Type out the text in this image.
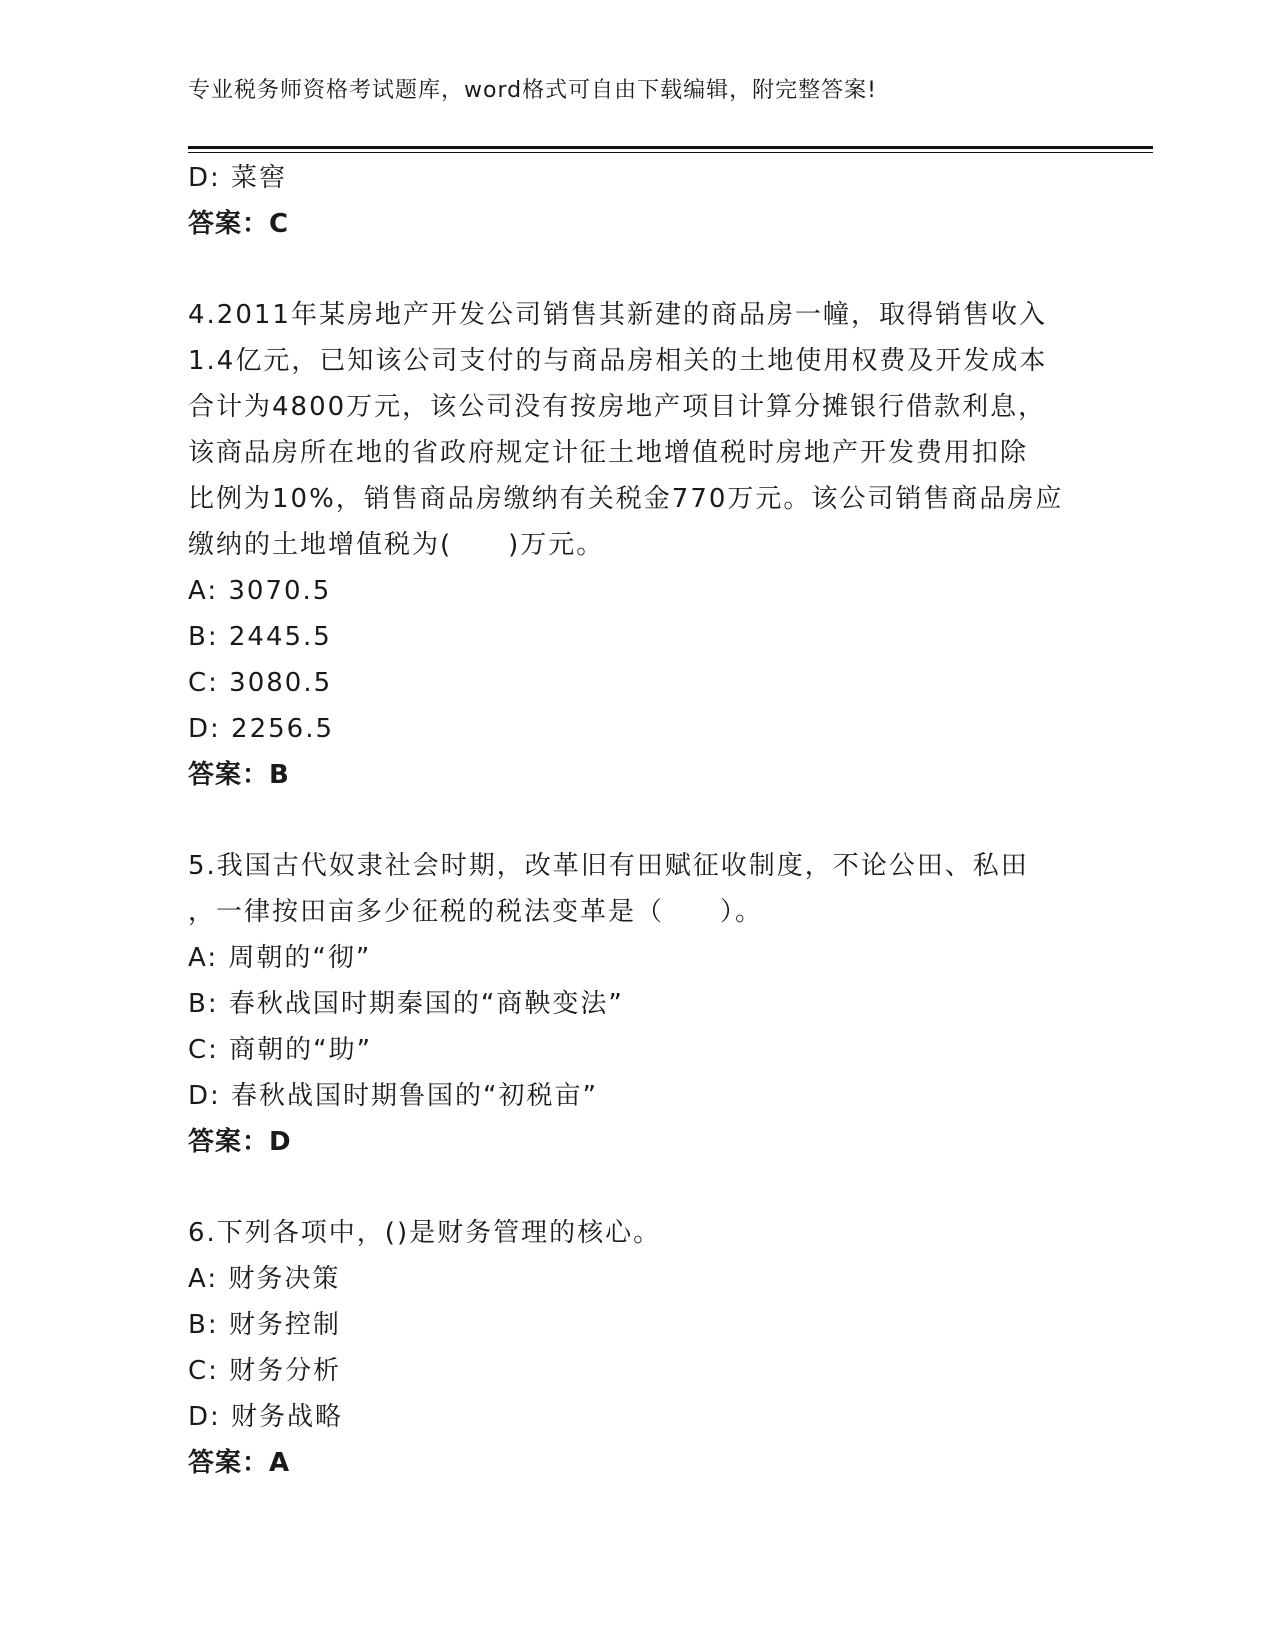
专业税务师资格考试题库，word格式可自由下载编辑，附完整答案!
D: 菜窖
答案：C
4.2011年某房地产开发公司销售其新建的商品房一幢，取得销售收入
1.4亿元，已知该公司支付的与商品房相关的土地使用权费及开发成本
合计为4800万元，该公司没有按房地产项目计算分摊银行借款利息，
该商品房所在地的省政府规定计征土地增值税时房地产开发费用扣除
比例为10%，销售商品房缴纳有关税金770万元。该公司销售商品房应
缴纳的土地增值税为(　　)万元。
A: 3070.5
B: 2445.5
C: 3080.5
D: 2256.5
答案：B
5.我国古代奴隶社会时期，改革旧有田赋征收制度，不论公田、私田
，一律按田亩多少征税的税法变革是（　　）。
A: 周朝的“彻”
B: 春秋战国时期秦国的“商鞅变法”
C: 商朝的“助”
D: 春秋战国时期鲁国的“初税亩”
答案：D
6.下列各项中，()是财务管理的核心。
A: 财务决策
B: 财务控制
C: 财务分析
D: 财务战略
答案：A
